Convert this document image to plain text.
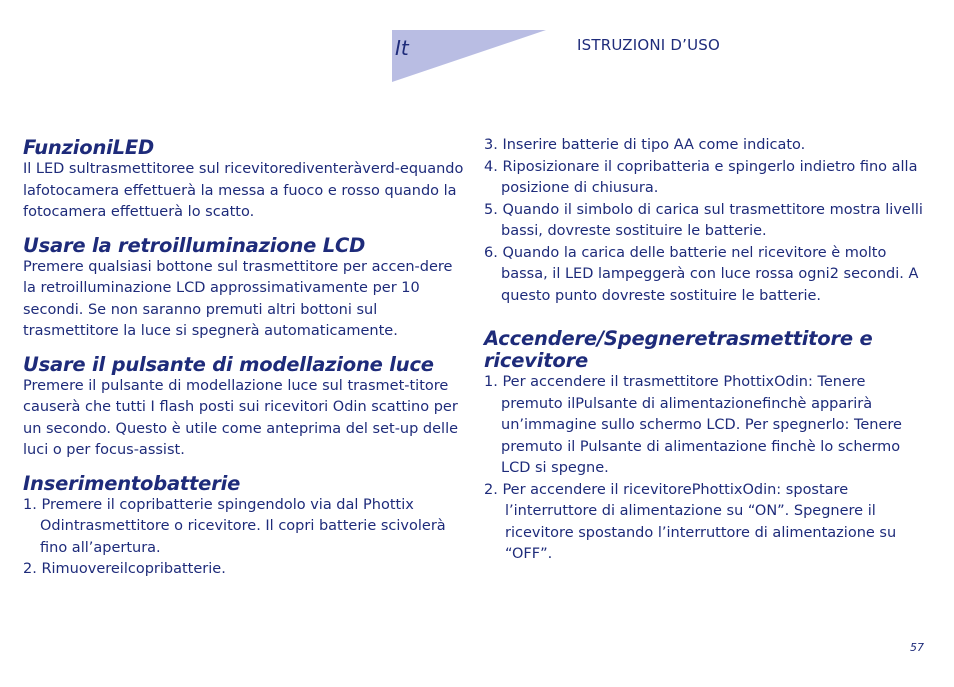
It	ISTRUZIONI D’USO
FunzioniLED

Il LED sultrasmettitoree sul ricevitorediventeràverd-equando lafotocamera effettuerà la messa a fuoco e rosso quando la fotocamera effettuerà lo scatto.

Usare la retroilluminazione LCD

Premere qualsiasi bottone sul trasmettitore per accen-dere la retroilluminazione LCD approssimativamente per 10 secondi. Se non saranno premuti altri bottoni sul trasmettitore la luce si spegnerà automaticamente.

Usare il pulsante di modellazione luce

Premere il pulsante di modellazione luce sul trasmet-titore causerà che tutti I flash posti sui ricevitori Odin scattino per un secondo. Questo è utile come anteprima del set-up delle luci o per focus-assist.

Inserimentobatterie
1. Premere il copribatterie spingendolo via dal Phottix Odintrasmettitore o ricevitore. Il copri batterie scivolerà fino all’apertura.
2. Rimuovereilcopribatterie.
3. Inserire batterie di tipo AA come indicato.
4. Riposizionare il copribatteria e spingerlo indietro fino alla posizione di chiusura.
5. Quando il simbolo di carica sul trasmettitore mostra livelli bassi, dovreste sostituire le batterie.
6. Quando la carica delle batterie nel ricevitore è molto bassa, il LED lampeggerà con luce rossa ogni2 secondi. A questo punto dovreste sostituire le batterie.
Accendere/Spegneretrasmettitore e ricevitore
1. Per accendere il trasmettitore PhottixOdin: Tenere premuto ilPulsante di alimentazionefinchè apparirà un’immagine sullo schermo LCD. Per spegnerlo: Tenere premuto il Pulsante di alimentazione finchè lo schermo LCD si spegne.
2. Per accendere il ricevitorePhottixOdin: spostare l’interruttore di alimentazione su “ON”. Spegnere il ricevitore spostando l’interruttore di alimentazione su “OFF”.
57
